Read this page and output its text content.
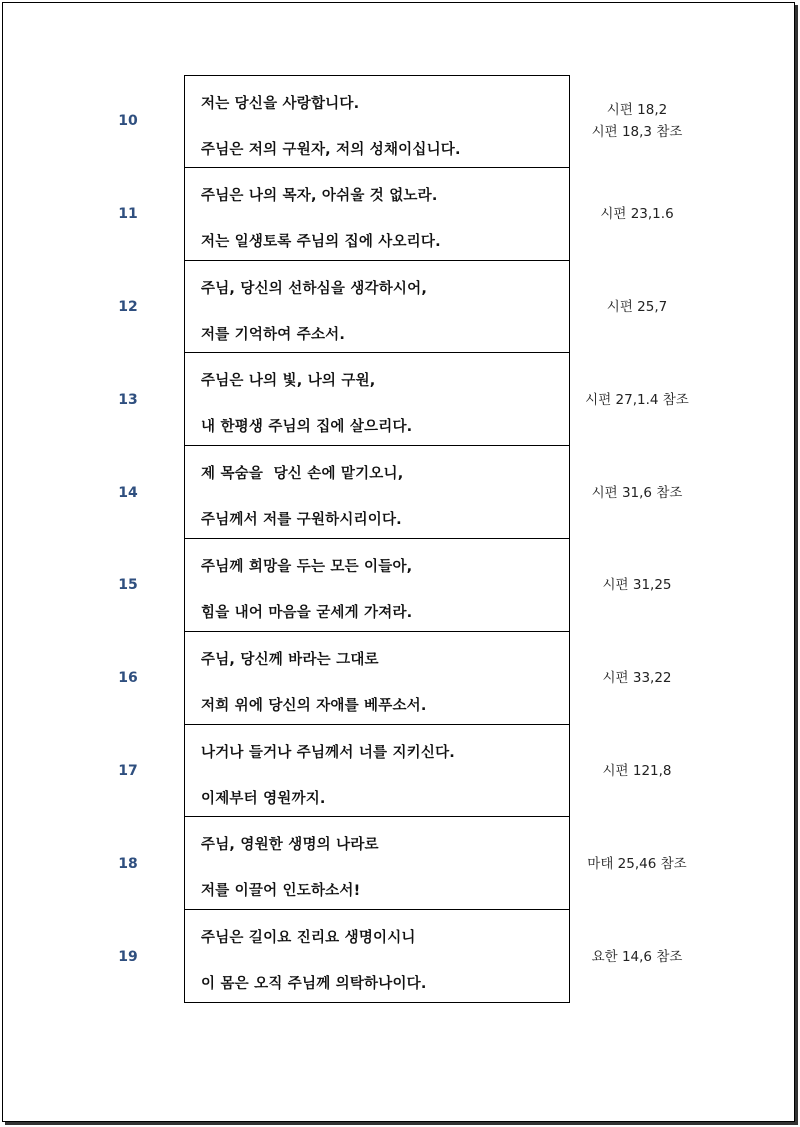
10
저는 당신을 사랑합니다.
주님은 저의 구원자, 저의 성채이십니다.
시편 18,2
시편 18,3 참조
11
주님은 나의 목자, 아쉬울 것 없노라.
저는 일생토록 주님의 집에 사오리다.
시편 23,1.6
12
주님, 당신의 선하심을 생각하시어,
저를 기억하여 주소서.
시편 25,7
13
주님은 나의 빛, 나의 구원,
내 한평생 주님의 집에 살으리다.
시편 27,1.4 참조
14
제 목숨을  당신 손에 맡기오니,
주님께서 저를 구원하시리이다.
시편 31,6 참조
15
주님께 희망을 두는 모든 이들아,
힘을 내어 마음을 굳세게 가져라.
시편 31,25
16
주님, 당신께 바라는 그대로
저희 위에 당신의 자애를 베푸소서.
시편 33,22
17
나거나 들거나 주님께서 너를 지키신다.
이제부터 영원까지.
시편 121,8
18
주님, 영원한 생명의 나라로
저를 이끌어 인도하소서!
마태 25,46 참조
19
주님은 길이요 진리요 생명이시니
이 몸은 오직 주님께 의탁하나이다.
요한 14,6 참조
